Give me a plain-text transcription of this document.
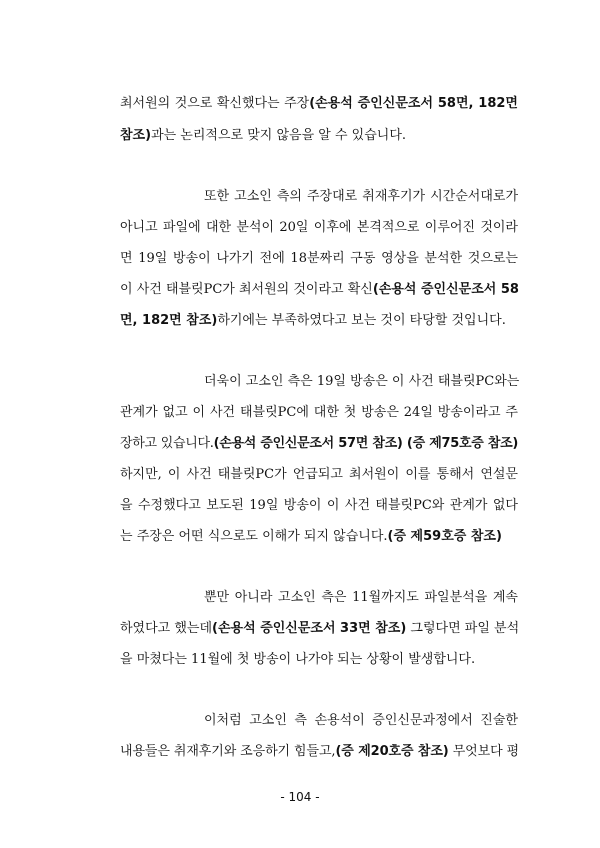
최서원의 것으로 확신했다는 주장(손용석 증인신문조서 58면, 182면
참조)과는 논리적으로 맞지 않음을 알 수 있습니다.
또한 고소인 측의 주장대로 취재후기가 시간순서대로가
아니고 파일에 대한 분석이 20일 이후에 본격적으로 이루어진 것이라
면 19일 방송이 나가기 전에 18분짜리 구동 영상을 분석한 것으로는
이 사건 태블릿PC가 최서원의 것이라고 확신(손용석 증인신문조서 58
면, 182면 참조)하기에는 부족하였다고 보는 것이 타당할 것입니다.
더욱이 고소인 측은 19일 방송은 이 사건 태블릿PC와는
관계가 없고 이 사건 태블릿PC에 대한 첫 방송은 24일 방송이라고 주
장하고 있습니다.(손용석 증인신문조서 57면 참조) (증 제75호증 참조)
하지만, 이 사건 태블릿PC가 언급되고 최서원이 이를 통해서 연설문
을 수정했다고 보도된 19일 방송이 이 사건 태블릿PC와 관계가 없다
는 주장은 어떤 식으로도 이해가 되지 않습니다.(증 제59호증 참조)
뿐만 아니라 고소인 측은 11월까지도 파일분석을 계속
하였다고 했는데(손용석 증인신문조서 33면 참조) 그렇다면 파일 분석
을 마쳤다는 11월에 첫 방송이 나가야 되는 상황이 발생합니다.
이처럼 고소인 측 손용석이 증인신문과정에서 진술한
내용들은 취재후기와 조응하기 힘들고,(증 제20호증 참조) 무엇보다 평
- 104 -
